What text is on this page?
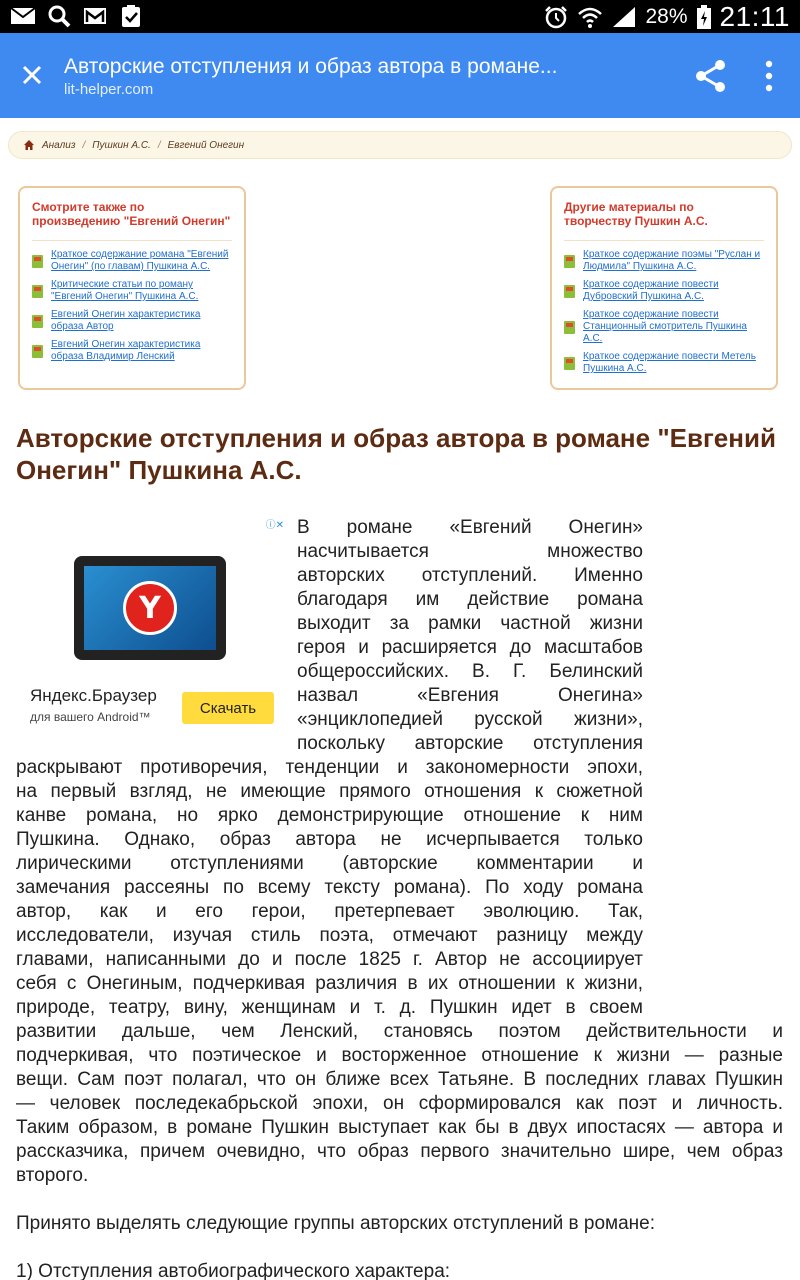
28% 21:11
Авторские отступления и образ автора в романе...
lit-helper.com
Анализ / Пушкин А.С. / Евгений Онегин
Смотрите также по произведению "Евгений Онегин"
Краткое содержание романа "Евгений Онегин" (по главам) Пушкина А.С.
Критические статьи по роману "Евгений Онегин" Пушкина А.С.
Евгений Онегин характеристика образа Автор
Евгений Онегин характеристика образа Владимир Ленский
Другие материалы по творчеству Пушкин А.С.
Краткое содержание поэмы "Руслан и Людмила" Пушкина А.С.
Краткое содержание повести Дубровский Пушкина А.С.
Краткое содержание повести Станционный смотритель Пушкина А.С.
Краткое содержание повести Метель Пушкина А.С.
Авторские отступления и образ автора в романе "Евгений Онегин" Пушкина А.С.
ⓘ✕
Y
Яндекс.Браузер
для вашего Android™
Скачать
В романе «Евгений Онегин»
насчитывается множество
авторских отступлений. Именно
благодаря им действие романа
выходит за рамки частной жизни
героя и расширяется до масштабов
общероссийских. В. Г. Белинский
назвал «Евгения Онегина»
«энциклопедией русской жизни»,
поскольку авторские отступления
раскрывают противоречия, тенденции и закономерности эпохи,
на первый взгляд, не имеющие прямого отношения к сюжетной
канве романа, но ярко демонстрирующие отношение к ним
Пушкина. Однако, образ автора не исчерпывается только
лирическими отступлениями (авторские комментарии и
замечания рассеяны по всему тексту романа). По ходу романа
автор, как и его герои, претерпевает эволюцию. Так,
исследователи, изучая стиль поэта, отмечают разницу между
главами, написанными до и после 1825 г. Автор не ассоциирует
себя с Онегиным, подчеркивая различия в их отношении к жизни,
природе, театру, вину, женщинам и т. д. Пушкин идет в своем
развитии дальше, чем Ленский, становясь поэтом действительности и
подчеркивая, что поэтическое и восторженное отношение к жизни — разные
вещи. Сам поэт полагал, что он ближе всех Татьяне. В последних главах Пушкин
— человек последекабрьской эпохи, он сформировался как поэт и личность.
Таким образом, в романе Пушкин выступает как бы в двух ипостасях — автора и
рассказчика, причем очевидно, что образ первого значительно шире, чем образ
второго.
Принято выделять следующие группы авторских отступлений в романе:
1) Отступления автобиографического характера:
